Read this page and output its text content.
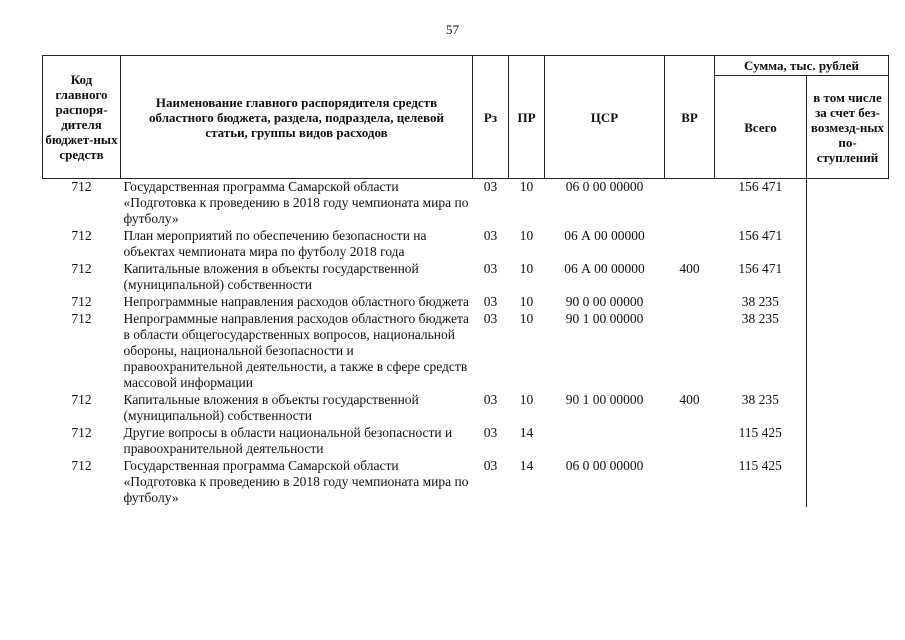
57
Код главного распоря-дителя бюджет-ных средств	Наименование главного распорядителя средств областного бюджета, раздела, подраздела, целевой статьи, группы видов расходов	Рз	ПР	ЦСР	ВР	Сумма, тыс. рублей	
						Всего	в том числе за счет без-возмезд-ных по-ступлений
712	Государственная программа Самарской области «Подготовка к проведению в 2018 году чемпионата мира по футболу»	03	10	06 0 00 00000		156 471	
712	План мероприятий по обеспечению безопасности на объектах чемпионата мира по футболу 2018 года	03	10	06 А 00 00000		156 471	
712	Капитальные вложения в объекты государственной (муниципальной) собственности	03	10	06 А 00 00000	400	156 471	
712	Непрограммные направления расходов областного бюджета	03	10	90 0 00 00000		38 235	
712	Непрограммные направления расходов областного бюджета в области общегосударственных вопросов, национальной обороны, национальной безопасности и правоохранительной деятельности, а также в сфере средств массовой информации	03	10	90 1 00 00000		38 235	
712	Капитальные вложения в объекты государственной (муниципальной) собственности	03	10	90 1 00 00000	400	38 235	
712	Другие вопросы в области национальной безопасности и правоохранительной деятельности	03	14			115 425	
712	Государственная программа Самарской области «Подготовка к проведению в 2018 году чемпионата мира по футболу»	03	14	06 0 00 00000		115 425	
